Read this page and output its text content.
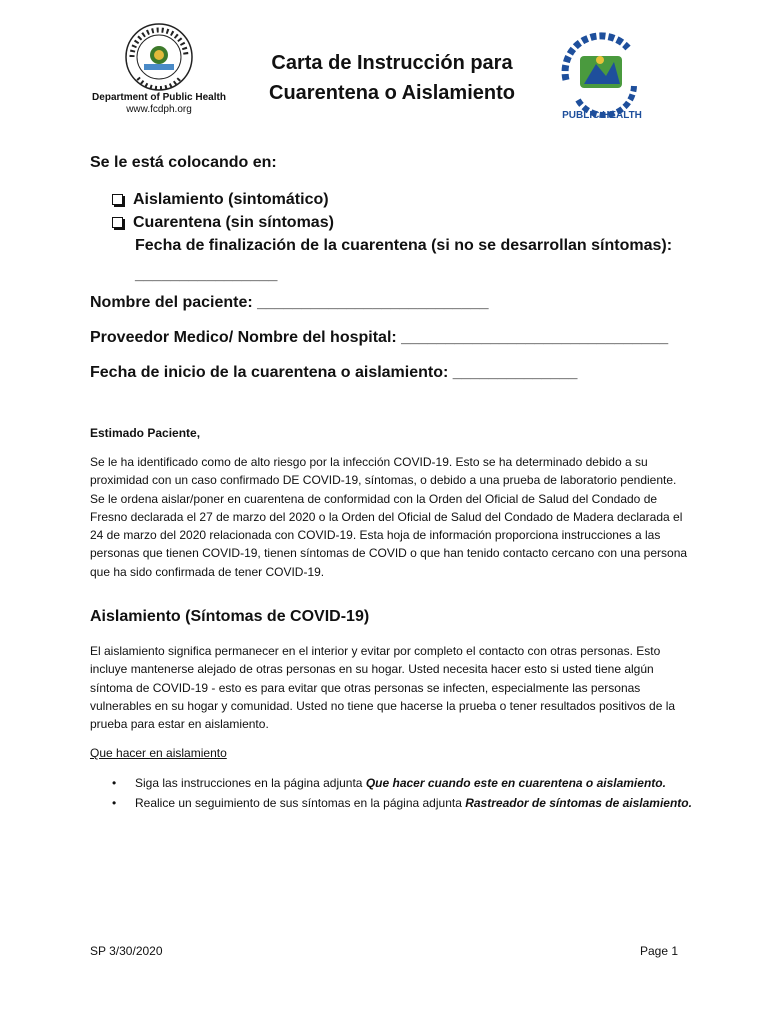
Department of Public Health
www.fcdph.org
Carta de Instrucción para
Cuarentena o Aislamiento
PUBLIC HEALTH
Se le está colocando en:
Aislamiento (sintomático)
Cuarentena (sin síntomas)
Fecha de finalización de la cuarentena (si no se desarrollan síntomas):
________________
Nombre del paciente: __________________________
Proveedor Medico/ Nombre del hospital: ______________________________
Fecha de inicio de la cuarentena o aislamiento: ______________
Estimado Paciente,
Se le ha identificado como de alto riesgo por la infección COVID-19. Esto se ha determinado debido a su proximidad con un caso confirmado DE COVID-19, síntomas, o debido a una prueba de laboratorio pendiente. Se le ordena aislar/poner en cuarentena de conformidad con la Orden del Oficial de Salud del Condado de Fresno declarada el 27 de marzo del 2020 o la Orden del Oficial de Salud del Condado de Madera declarada el 24 de marzo del 2020 relacionada con COVID-19. Esta hoja de información proporciona instrucciones a las personas que tienen COVID-19, tienen síntomas de COVID o que han tenido contacto cercano con una persona que ha sido confirmada de tener COVID-19.
Aislamiento (Síntomas de COVID-19)
El aislamiento significa permanecer en el interior y evitar por completo el contacto con otras personas. Esto incluye mantenerse alejado de otras personas en su hogar. Usted necesita hacer esto si usted tiene algún síntoma de COVID-19 - esto es para evitar que otras personas se infecten, especialmente las personas vulnerables en su hogar y comunidad. Usted no tiene que hacerse la prueba o tener resultados positivos de la prueba para estar en aislamiento.
Que hacer en aislamiento
• Siga las instrucciones en la página adjunta Que hacer cuando este en cuarentena o aislamiento.
• Realice un seguimiento de sus síntomas en la página adjunta Rastreador de síntomas de aislamiento.
SP 3/30/2020	Page 1
